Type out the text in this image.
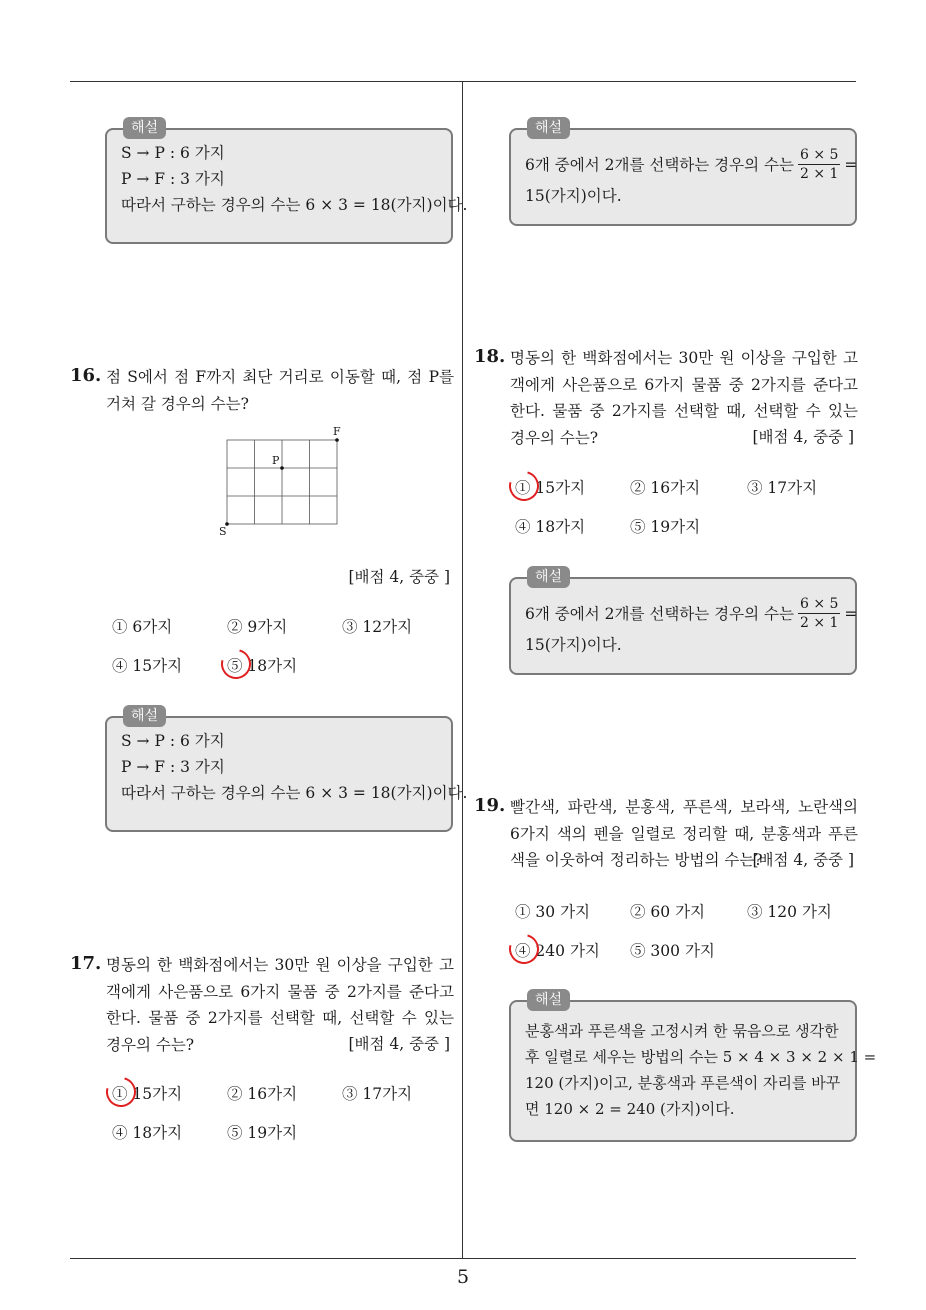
해설
S → P : 6 가지
P → F : 3 가지
따라서 구하는 경우의 수는 6 × 3 = 18(가지)이다.
해설
6개 중에서 2개를 선택하는 경우의 수는 $\frac{6 \times 5}{2 \times 1}$ =
15(가지)이다.
16. 점 S에서 점 F까지 최단 거리로 이동할 때, 점 P를 거쳐 갈 경우의 수는?
F
P
S
[배점 4, 중중 ]
① 6가지	② 9가지	③ 12가지
④ 15가지	⑤ 18가지
해설
S → P : 6 가지
P → F : 3 가지
따라서 구하는 경우의 수는 6 × 3 = 18(가지)이다.
17. 명동의 한 백화점에서는 30만 원 이상을 구입한 고객에게 사은품으로 6가지 물품 중 2가지를 준다고 한다. 물품 중 2가지를 선택할 때, 선택할 수 있는 경우의 수는?	[배점 4, 중중 ]
① 15가지	② 16가지	③ 17가지
④ 18가지	⑤ 19가지
18. 명동의 한 백화점에서는 30만 원 이상을 구입한 고객에게 사은품으로 6가지 물품 중 2가지를 준다고 한다. 물품 중 2가지를 선택할 때, 선택할 수 있는 경우의 수는?	[배점 4, 중중 ]
① 15가지	② 16가지	③ 17가지
④ 18가지	⑤ 19가지
해설
6개 중에서 2개를 선택하는 경우의 수는 $\frac{6 \times 5}{2 \times 1}$ =
15(가지)이다.
19. 빨간색, 파란색, 분홍색, 푸른색, 보라색, 노란색의 6가지 색의 펜을 일렬로 정리할 때, 분홍색과 푸른색을 이웃하여 정리하는 방법의 수는?
[배점 4, 중중 ]
① 30 가지	② 60 가지	③ 120 가지
④ 240 가지 ⑤ 300 가지
해설
분홍색과 푸른색을 고정시켜 한 묶음으로 생각한
후 일렬로 세우는 방법의 수는 5 × 4 × 3 × 2 × 1 =
120 (가지)이고, 분홍색과 푸른색이 자리를 바꾸
면 120 × 2 = 240 (가지)이다.
5
